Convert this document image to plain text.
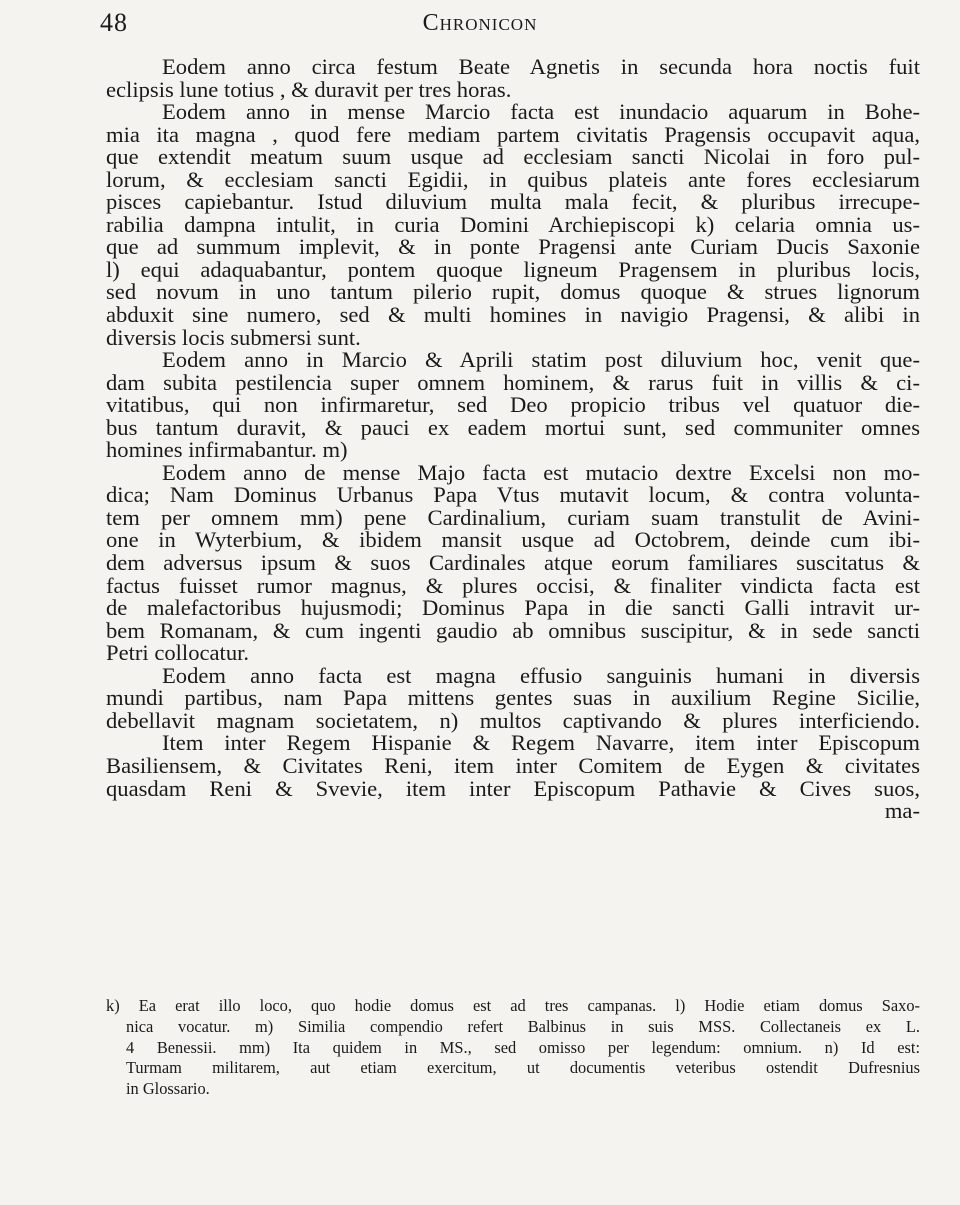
48	Chronicon
Eodem anno circa festum Beate Agnetis in secunda hora noctis fuit
eclipsis lune totius , & duravit per tres horas.
Eodem anno in mense Marcio facta est inundacio aquarum in Bohe-
mia ita magna , quod fere mediam partem civitatis Pragensis occupavit aqua,
que extendit meatum suum usque ad ecclesiam sancti Nicolai in foro pul-
lorum, & ecclesiam sancti Egidii, in quibus plateis ante fores ecclesiarum
pisces capiebantur. Istud diluvium multa mala fecit, & pluribus irrecupe-
rabilia dampna intulit, in curia Domini Archiepiscopi k) celaria omnia us-
que ad summum implevit, & in ponte Pragensi ante Curiam Ducis Saxonie
l) equi adaquabantur, pontem quoque ligneum Pragensem in pluribus locis,
sed novum in uno tantum pilerio rupit, domus quoque & strues lignorum
abduxit sine numero, sed & multi homines in navigio Pragensi, & alibi in
diversis locis submersi sunt.
Eodem anno in Marcio & Aprili statim post diluvium hoc, venit que-
dam subita pestilencia super omnem hominem, & rarus fuit in villis & ci-
vitatibus, qui non infirmaretur, sed Deo propicio tribus vel quatuor die-
bus tantum duravit, & pauci ex eadem mortui sunt, sed communiter omnes
homines infirmabantur. m)
Eodem anno de mense Majo facta est mutacio dextre Excelsi non mo-
dica; Nam Dominus Urbanus Papa Vtus mutavit locum, & contra volunta-
tem per omnem mm) pene Cardinalium, curiam suam transtulit de Avini-
one in Wyterbium, & ibidem mansit usque ad Octobrem, deinde cum ibi-
dem adversus ipsum & suos Cardinales atque eorum familiares suscitatus &
factus fuisset rumor magnus, & plures occisi, & finaliter vindicta facta est
de malefactoribus hujusmodi; Dominus Papa in die sancti Galli intravit ur-
bem Romanam, & cum ingenti gaudio ab omnibus suscipitur, & in sede sancti
Petri collocatur.
Eodem anno facta est magna effusio sanguinis humani in diversis
mundi partibus, nam Papa mittens gentes suas in auxilium Regine Sicilie,
debellavit magnam societatem, n) multos captivando & plures interficiendo.
Item inter Regem Hispanie & Regem Navarre, item inter Episcopum
Basiliensem, & Civitates Reni, item inter Comitem de Eygen & civitates
quasdam Reni & Svevie, item inter Episcopum Pathavie & Cives suos,
ma-
k) Ea erat illo loco, quo hodie domus est ad tres campanas. l) Hodie etiam domus Saxo-
nica vocatur. m) Similia compendio refert Balbinus in suis MSS. Collectaneis ex L.
4 Benessii. mm) Ita quidem in MS., sed omisso per legendum: omnium. n) Id est:
Turmam militarem, aut etiam exercitum, ut documentis veteribus ostendit Dufresnius
in Glossario.
